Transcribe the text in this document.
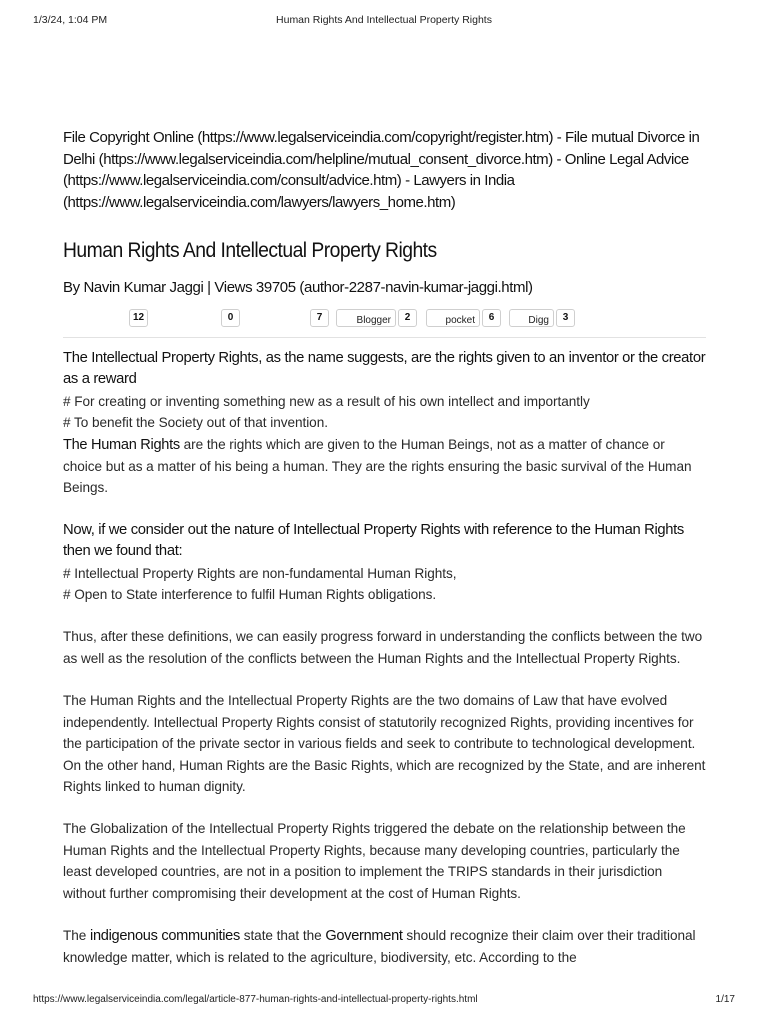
1/3/24, 1:04 PM	Human Rights And Intellectual Property Rights

File Copyright Online (https://www.legalserviceindia.com/copyright/register.htm) - File mutual Divorce in Delhi (https://www.legalserviceindia.com/helpline/mutual_consent_divorce.htm) - Online Legal Advice (https://www.legalserviceindia.com/consult/advice.htm) - Lawyers in India (https://www.legalserviceindia.com/lawyers/lawyers_home.htm)

Human Rights And Intellectual Property Rights

By Navin Kumar Jaggi | Views 39705 (author-2287-navin-kumar-jaggi.html)

12	0	7	Blogger	2	pocket	6	Digg	3

The Intellectual Property Rights, as the name suggests, are the rights given to an inventor or the creator as a reward

# For creating or inventing something new as a result of his own intellect and importantly

# To benefit the Society out of that invention.

The Human Rights are the rights which are given to the Human Beings, not as a matter of chance or choice but as a matter of his being a human. They are the rights ensuring the basic survival of the Human Beings.

Now, if we consider out the nature of Intellectual Property Rights with reference to the Human Rights then we found that:

# Intellectual Property Rights are non-fundamental Human Rights,

# Open to State interference to fulfil Human Rights obligations.

Thus, after these definitions, we can easily progress forward in understanding the conflicts between the two as well as the resolution of the conflicts between the Human Rights and the Intellectual Property Rights.

The Human Rights and the Intellectual Property Rights are the two domains of Law that have evolved independently. Intellectual Property Rights consist of statutorily recognized Rights, providing incentives for the participation of the private sector in various fields and seek to contribute to technological development. On the other hand, Human Rights are the Basic Rights, which are recognized by the State, and are inherent Rights linked to human dignity.

The Globalization of the Intellectual Property Rights triggered the debate on the relationship between the Human Rights and the Intellectual Property Rights, because many developing countries, particularly the least developed countries, are not in a position to implement the TRIPS standards in their jurisdiction without further compromising their development at the cost of Human Rights.

The indigenous communities state that the Government should recognize their claim over their traditional knowledge matter, which is related to the agriculture, biodiversity, etc. According to the

https://www.legalserviceindia.com/legal/article-877-human-rights-and-intellectual-property-rights.html	1/17
